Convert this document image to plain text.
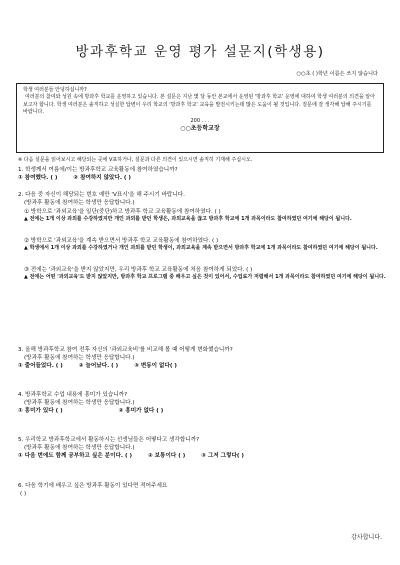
방과후학교 운영 평가 설문지(학생용)
○○초 ( )학년 이름은 쓰지 않습니다
학생 여러분들 안녕하십니까?
여러분의 참여와 성원 속에 방과후 학교를 운영하고 있습니다. 본 설문은 지난 몇 달 동안 본교에서 운영된 '방과후 학교' 운영에 대하여 학생 여러분의 의견을 알아보고자 합니다. 학생 여러분은 솔직하고 성실한 답변이 우리 학교의 '방과후 학교' 교육을 발전시키는데 많은 도움이 될 것입니다. 질문에 잘 생각해 답해 주시기를 바랍니다.
200 . . .
○○초등학교장
※ 다음 설문을 읽어보시고 해당되는 곳에 V표하거나, 설문과 다른 의견이 있으시면 솔직히 기재해 주십시오.
1. 학생께서 여름에/이는 방과후학교 교육활동에 참여하였습니까?
① 참여했다. ( )	② 참여하지 않았다. ( )
2. 다음 중 자신이 해당되는 번호 예만 'V표시'을 해 주시기 바랍니다.
(방과후 활동에 참여하는 학생만 응답합니다.)
① 방학으로 '과외교육'을 일단(중단)하고 방과후 학교 교육활동에 참여하였다. ( )
▲ 전에는 1개 이상 과외를 수강하였지만 개인 과외를 받던 학생은, 과외교육을 끊고 방과후 학교에 1개 과목이라도 참여하였던 여기에 해당이 됩니다.
② 방학으로 '과외교육'을 계속 받으면서 방과후 학교 교육활동에 참여하였다. ( )
▲ 학생에서 1개 이상 과외를 수강하였거나 개인 과외를 받던 학생이, 과외교육을 계속 받으면서 방과후 학교에 1개 과목이라도 참여하였던 여기에 해당이 됩니다.
③ 전에는 '과외교육'을 받지 않았지만, 우리 방과후 학교 교육활동에 처음 참여하게 되었다. ( )
▲ 전에는 어떤 '과외교육'도 받지 않았지만, 방과후 학교 프로그램 중 배우고 싶은 것이 있어서, 수업료가 저렴해서 1개 과목이라도 참여하였던 여기에 해당이 됩니다.
3. 올해 방과후학교 참여 전후 자신의 '과외교육비'를 비교해 볼 때 어떻게 변화했습니까?
(방과후 활동에 참여하는 학생만 응답합니다.)
① 줄어들었다. ( )	② 늘어났다. ( )	③ 변동이 없다( )
4. 방과후학교 수업 내용에 흥미가 있습니까?
(방과후 활동에 참여하는 학생만 응답합니다.)
① 흥미가 있다 ( )	② 흥미가 없다 ( )
5. 우리학교 방과후학교에서 활동하시는 선생님들은 어떻다고 생각합니까?
(방과후 활동에 참여하는 학생만 응답합니다.)
① 다음 번에도 함께 공부하고 싶은 분이다. ( )	② 보통이다 ( )	③ 그저 그렇다( )
6. 다음 학기에 배우고 싶은 방과후 활동이 있다면 적어주세요
( )
감사합니다.
